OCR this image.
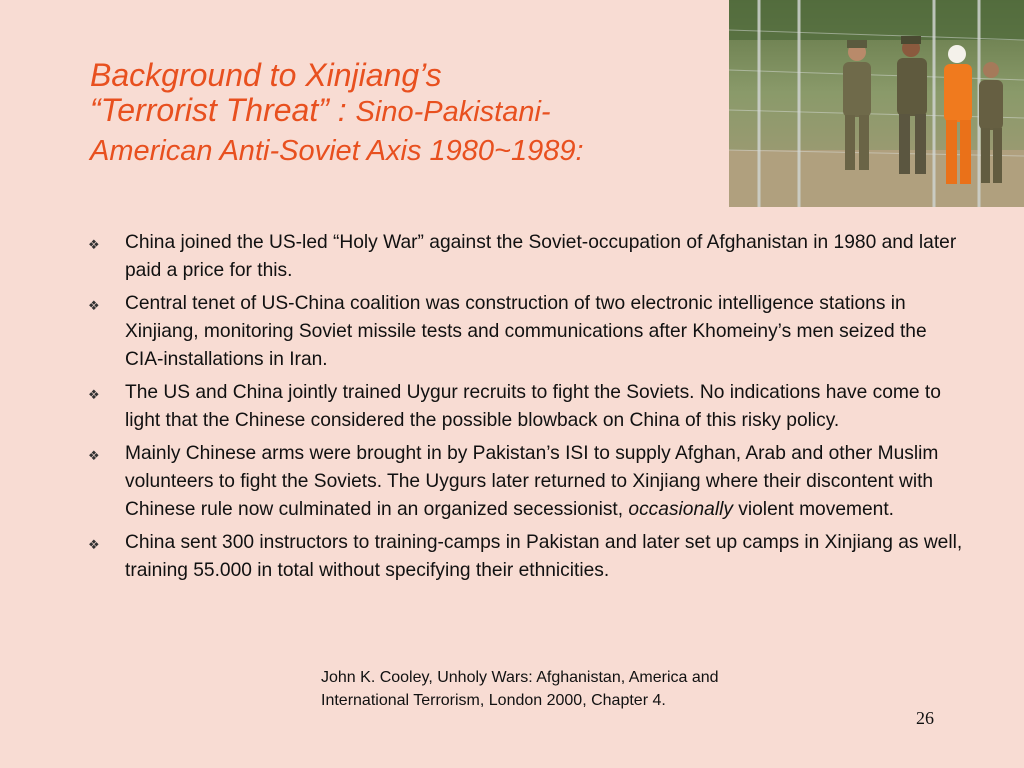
Background to Xinjiang’s
“Terrorist Threat” : Sino-Pakistani-
American Anti-Soviet Axis 1980~1989:
❖ China joined the US-led “Holy War” against the Soviet-occupation of Afghanistan in 1980 and later paid a price for this.
❖ Central tenet of US-China coalition was construction of two electronic intelligence stations in Xinjiang, monitoring Soviet missile tests and communications after Khomeiny’s men seized the CIA-installations in Iran.
❖ The US and China jointly trained Uygur recruits to fight the Soviets. No indications have come to light that the Chinese considered the possible blowback on China of this risky policy.
❖ Mainly Chinese arms were brought in by Pakistan’s ISI to supply Afghan, Arab and other Muslim volunteers to fight the Soviets. The Uygurs later returned to Xinjiang where their discontent with Chinese rule now culminated in an organized secessionist, occasionally violent movement.
❖ China sent 300 instructors to training-camps in Pakistan and later set up camps in Xinjiang as well, training 55.000 in total without specifying their ethnicities.
John K. Cooley, Unholy Wars: Afghanistan, America and
International Terrorism, London 2000, Chapter 4.
26
